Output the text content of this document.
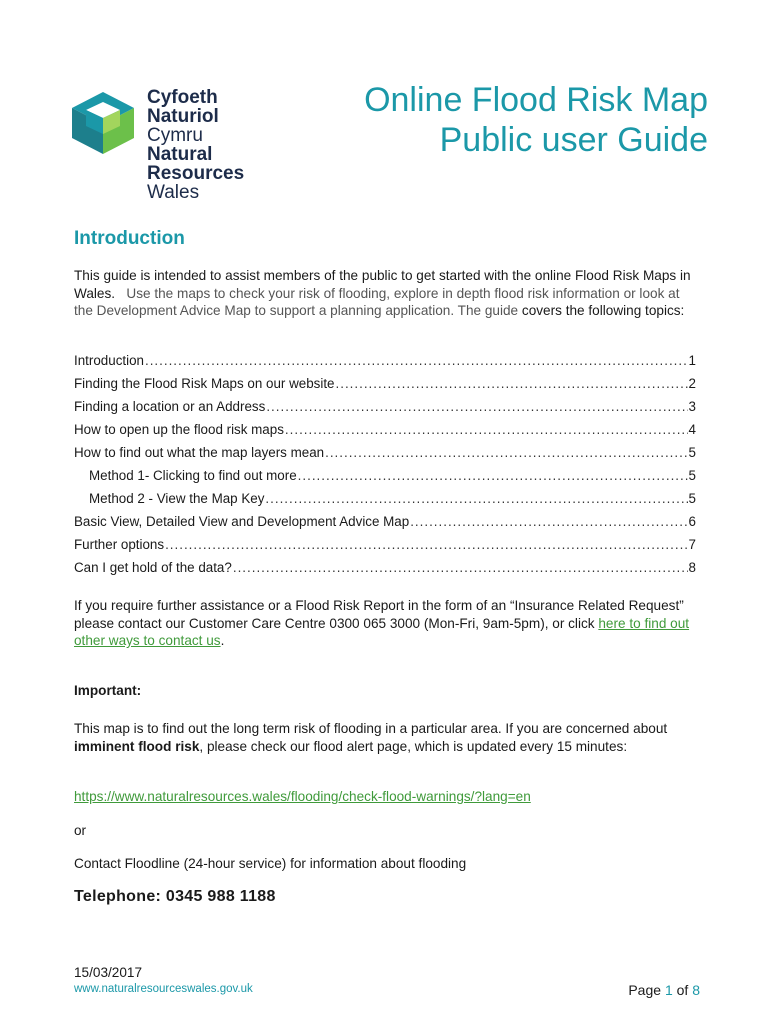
Cyfoeth
Naturiol
Cymru
Natural
Resources
Wales
Online Flood Risk Map
Public user Guide
Introduction

This guide is intended to assist members of the public to get started with the online Flood Risk Maps in Wales. Use the maps to check your risk of flooding, explore in depth flood risk information or look at the Development Advice Map to support a planning application. The guide covers the following topics:

Introduction .....	1
Finding the Flood Risk Maps on our website .....	2
Finding a location or an Address .....	3
How to open up the flood risk maps .....	4
How to find out what the map layers mean .....	5
Method 1- Clicking to find out more .....	5
Method 2 - View the Map Key .....	5
Basic View, Detailed View and Development Advice Map .....	6
Further options .....	7
Can I get hold of the data? .....	8

If you require further assistance or a Flood Risk Report in the form of an “Insurance Related Request” please contact our Customer Care Centre 0300 065 3000 (Mon-Fri, 9am-5pm), or click here to find out other ways to contact us.

Important:

This map is to find out the long term risk of flooding in a particular area. If you are concerned about imminent flood risk, please check our flood alert page, which is updated every 15 minutes:

https://www.naturalresources.wales/flooding/check-flood-warnings/?lang=en

or

Contact Floodline (24-hour service) for information about flooding

Telephone: 0345 988 1188

15/03/2017
www.naturalresourceswales.gov.uk	Page 1 of 8
